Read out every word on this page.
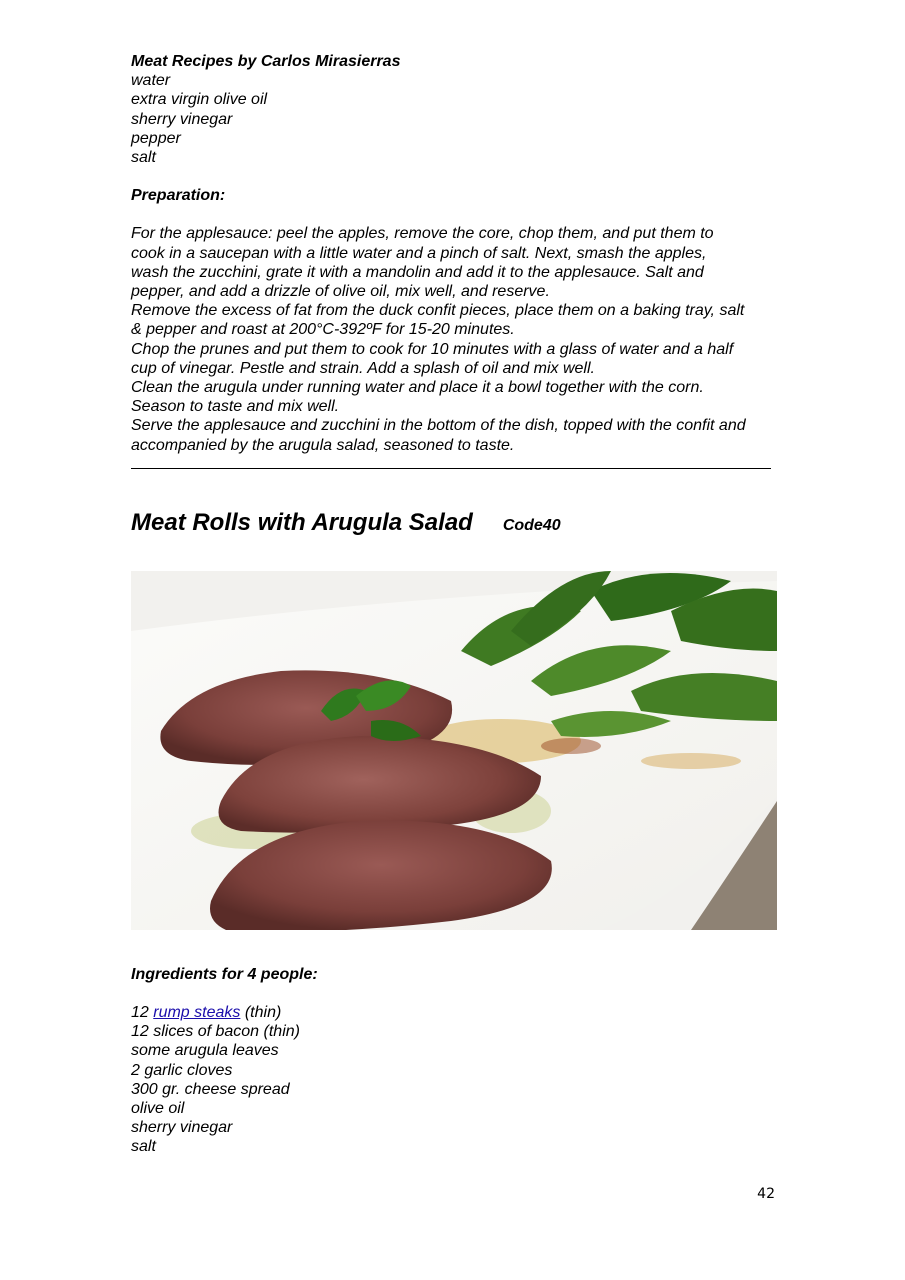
Meat Recipes by Carlos Mirasierras
water
extra virgin olive oil
sherry vinegar
pepper
salt
Preparation:
For the applesauce: peel the apples, remove the core, chop them, and put them to
cook in a saucepan with a little water and a pinch of salt. Next, smash the apples,
wash the zucchini, grate it with a mandolin and add it to the applesauce. Salt and
pepper, and add a drizzle of olive oil, mix well, and reserve.
Remove the excess of fat from the duck confit pieces, place them on a baking tray, salt
& pepper and roast at 200°C-392ºF for 15-20 minutes.
Chop the prunes and put them to cook for 10 minutes with a glass of water and a half
cup of vinegar. Pestle and strain. Add a splash of oil and mix well.
Clean the arugula under running water and place it a bowl together with the corn.
Season to taste and mix well.
Serve the applesauce and zucchini in the bottom of the dish, topped with the confit and
accompanied by the arugula salad, seasoned to taste.
Meat Rolls with Arugula Salad Code40
Ingredients for 4 people:
12 rump steaks (thin)
12 slices of bacon (thin)
some arugula leaves
2 garlic cloves
300 gr. cheese spread
olive oil
sherry vinegar
salt
42
